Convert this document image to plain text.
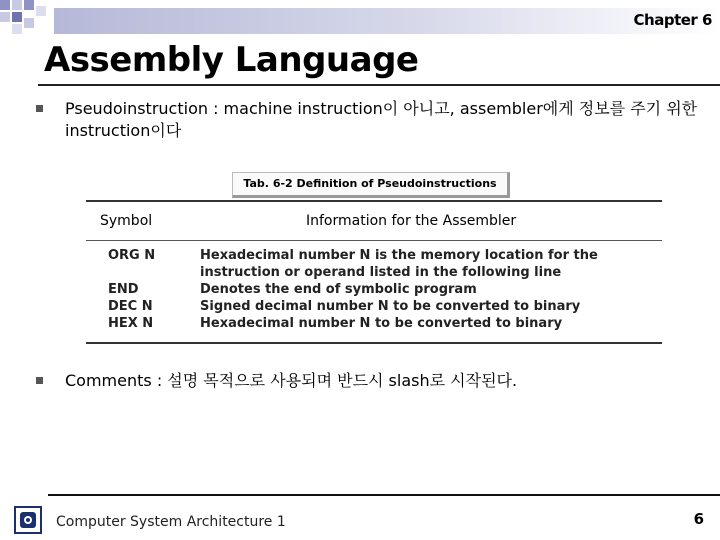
Chapter 6
Assembly Language
Pseudoinstruction : machine instruction이 아니고, assembler에게 정보를 주기 위한 instruction이다
Tab. 6-2 Definition of Pseudoinstructions
Symbol	Information for the Assembler
ORG N	Hexadecimal number N is the memory location for the instruction or operand listed in the following line
END	Denotes the end of symbolic program
DEC N	Signed decimal number N to be converted to binary
HEX N	Hexadecimal number N to be converted to binary
Comments : 설명 목적으로 사용되며 반드시 slash로 시작된다.
Computer System Architecture 1	6
